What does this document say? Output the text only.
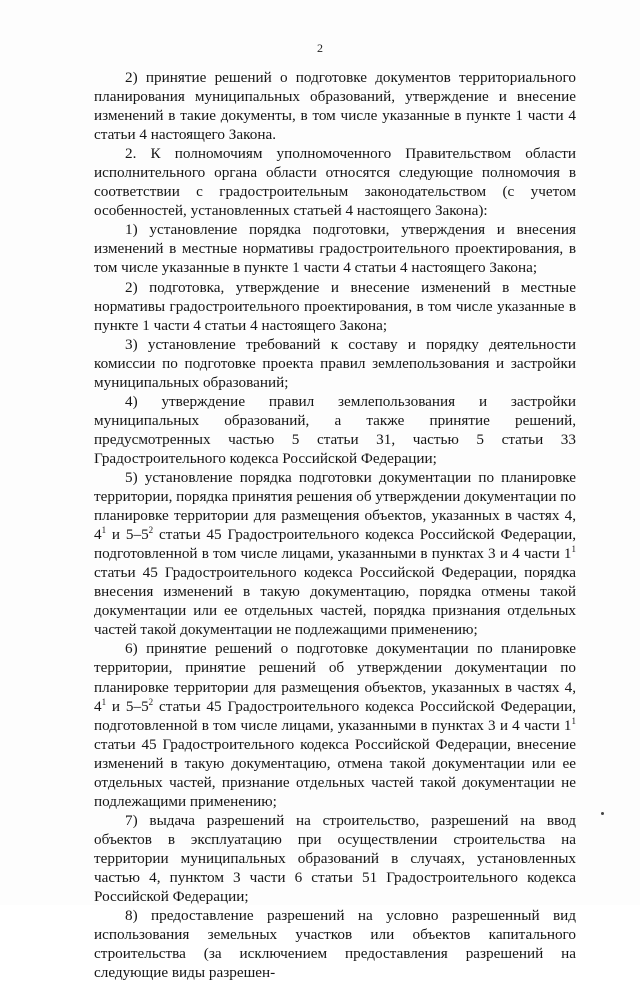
2

2) принятие решений о подготовке документов территориального планирования муниципальных образований, утверждение и внесение изменений в такие документы, в том числе указанные в пункте 1 части 4 статьи 4 настоящего Закона.

2. К полномочиям уполномоченного Правительством области исполнительного органа области относятся следующие полномочия в соответствии с градостроительным законодательством (с учетом особенностей, установленных статьей 4 настоящего Закона):

1) установление порядка подготовки, утверждения и внесения изменений в местные нормативы градостроительного проектирования, в том числе указанные в пункте 1 части 4 статьи 4 настоящего Закона;

2) подготовка, утверждение и внесение изменений в местные нормативы градостроительного проектирования, в том числе указанные в пункте 1 части 4 статьи 4 настоящего Закона;

3) установление требований к составу и порядку деятельности комиссии по подготовке проекта правил землепользования и застройки муниципальных образований;

4) утверждение правил землепользования и застройки муниципальных образований, а также принятие решений, предусмотренных частью 5 статьи 31, частью 5 статьи 33 Градостроительного кодекса Российской Федерации;

5) установление порядка подготовки документации по планировке территории, порядка принятия решения об утверждении документации по планировке территории для размещения объектов, указанных в частях 4, $4^1$ и $5-5^2$ статьи 45 Градостроительного кодекса Российской Федерации, подготовленной в том числе лицами, указанными в пунктах 3 и 4 части $1^1$ статьи 45 Градостроительного кодекса Российской Федерации, порядка внесения изменений в такую документацию, порядка отмены такой документации или ее отдельных частей, порядка признания отдельных частей такой документации не подлежащими применению;

6) принятие решений о подготовке документации по планировке территории, принятие решений об утверждении документации по планировке территории для размещения объектов, указанных в частях 4, $4^1$ и $5-5^2$ статьи 45 Градостроительного кодекса Российской Федерации, подготовленной в том числе лицами, указанными в пунктах 3 и 4 части $1^1$ статьи 45 Градостроительного кодекса Российской Федерации, внесение изменений в такую документацию, отмена такой документации или ее отдельных частей, признание отдельных частей такой документации не подлежащими применению;

7) выдача разрешений на строительство, разрешений на ввод объектов в эксплуатацию при осуществлении строительства на территории муниципальных образований в случаях, установленных частью 4, пунктом 3 части 6 статьи 51 Градостроительного кодекса Российской Федерации;

8) предоставление разрешений на условно разрешенный вид использования земельных участков или объектов капитального строительства (за исключением предоставления разрешений на следующие виды разрешен-
